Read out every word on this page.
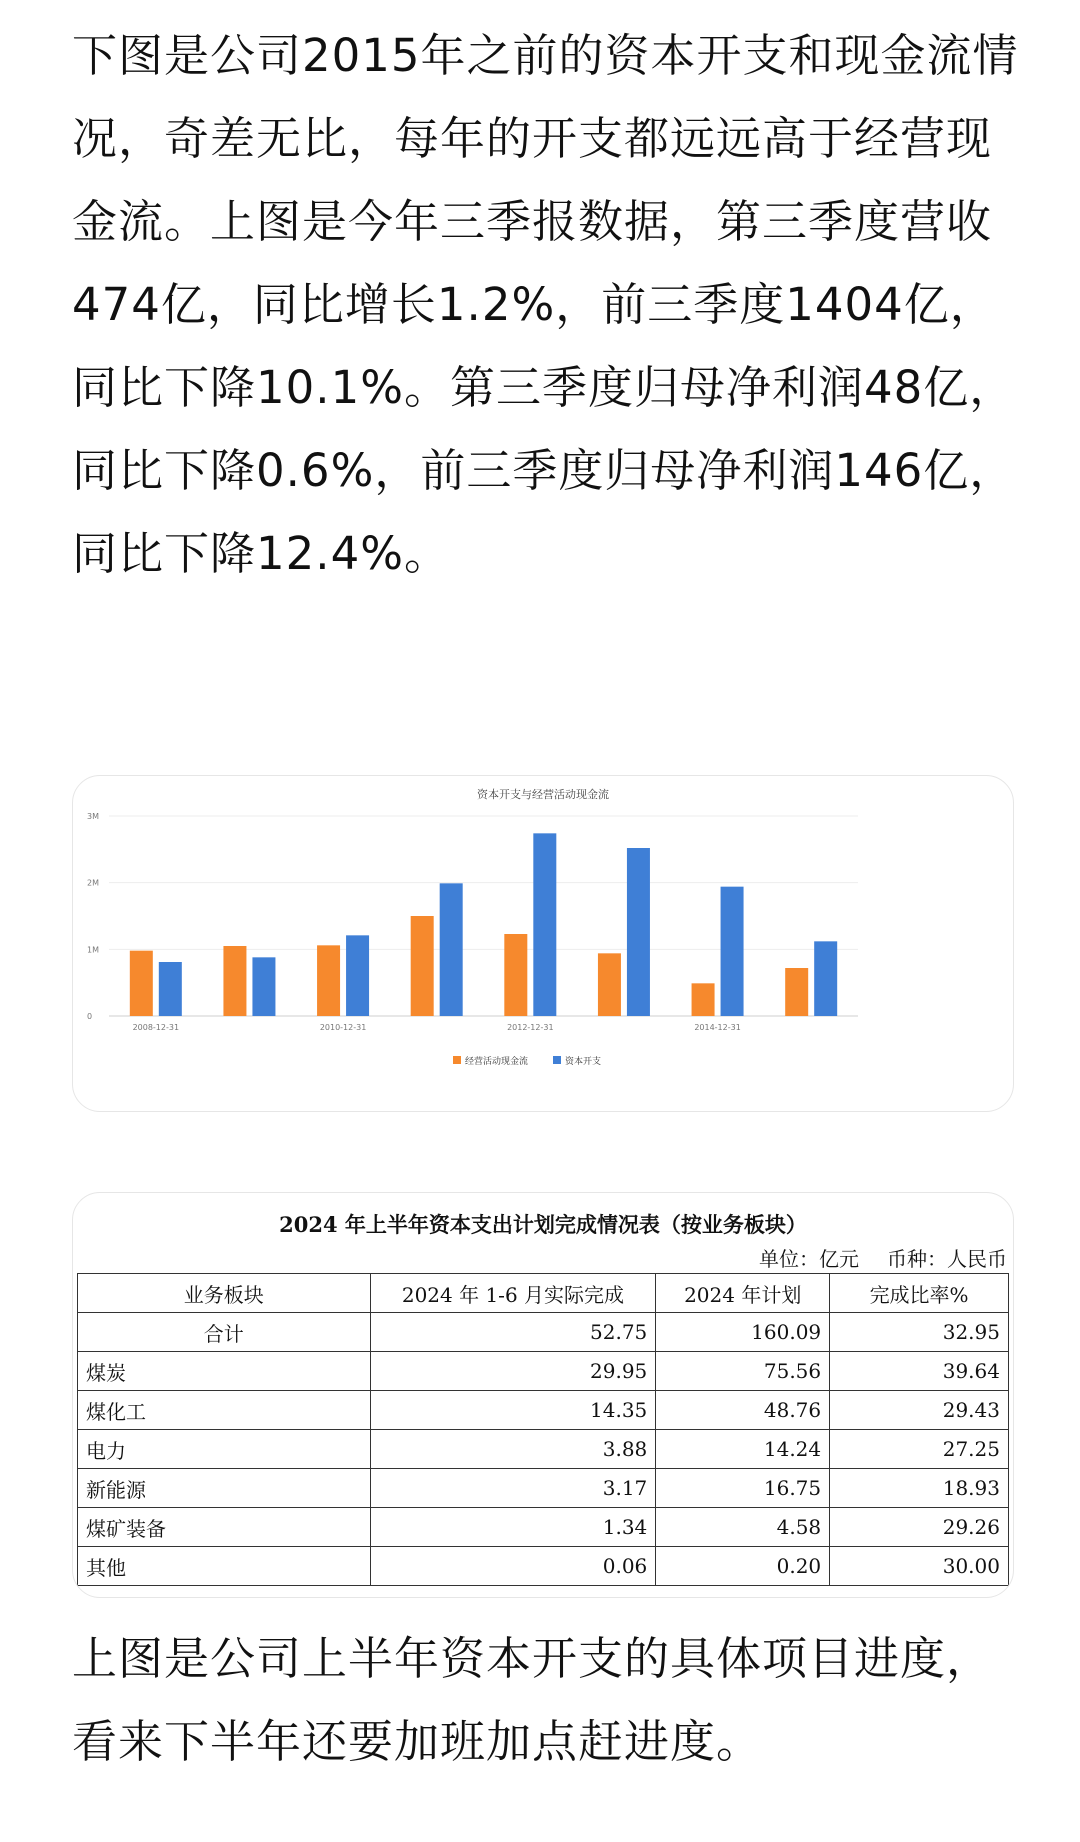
下图是公司2015年之前的资本开支和现金流情况，奇差无比，每年的开支都远远高于经营现金流。上图是今年三季报数据，第三季度营收474亿，同比增长1.2%，前三季度1404亿，同比下降10.1%。第三季度归母净利润48亿，同比下降0.6%，前三季度归母净利润146亿，同比下降12.4%。

资本开支与经营活动现金流
0
1M
2M
3M
2008-12-31	2010-12-31	2012-12-31	2014-12-31
经营活动现金流	资本开支
2024 年上半年资本支出计划完成情况表（按业务板块）
单位：亿元 币种：人民币
业务板块	2024 年 1-6 月实际完成	2024 年计划	完成比率%
合计	52.75	160.09	32.95
煤炭	29.95	75.56	39.64
煤化工	14.35	48.76	29.43
电力	3.88	14.24	27.25
新能源	3.17	16.75	18.93
煤矿装备	1.34	4.58	29.26
其他	0.06	0.20	30.00

上图是公司上半年资本开支的具体项目进度，看来下半年还要加班加点赶进度。
